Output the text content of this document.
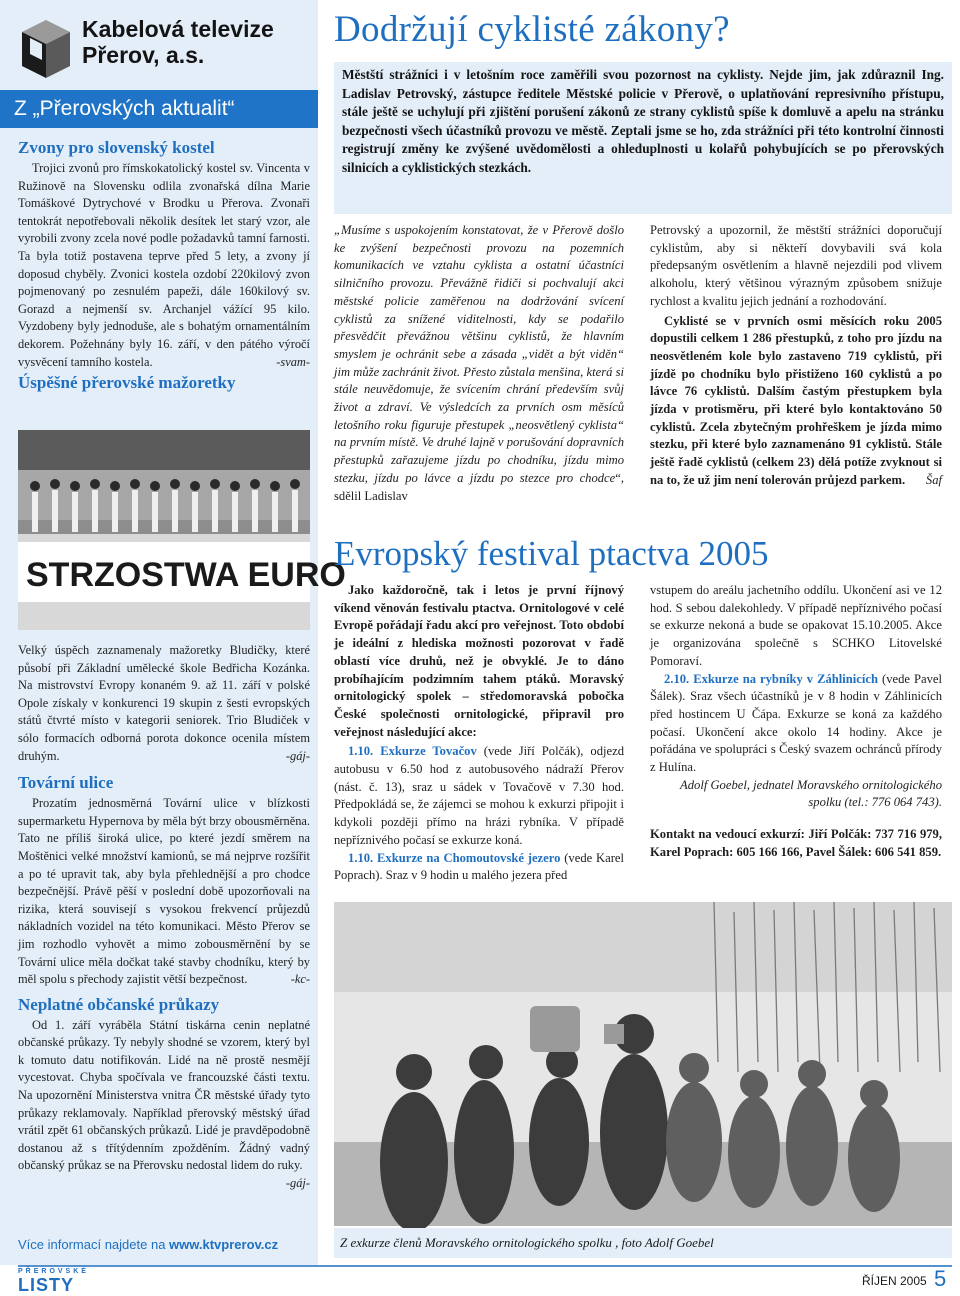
Kabelová televize
Přerov, a.s.
Z „Přerovských aktualit“
Zvony pro slovenský kostel

Trojici zvonů pro římskokatolický kostel sv. Vincenta v Ružinově na Slovensku odlila zvonařská dílna Marie Tomáškové Dytrychové v Brodku u Přerova. Zvonaři tentokrát nepotřebovali několik desítek let starý vzor, ale vyrobili zvony zcela nové podle požadavků tamní farnosti. Ta byla totiž postavena teprve před 5 lety, a zvony jí doposud chyběly. Zvonici kostela ozdobí 220kilový zvon pojmenovaný po zesnulém papeži, dále 160kilový sv. Gorazd a nejmenší sv. Archanjel vážící 95 kilo. Vyzdobeny byly jednoduše, ale s bohatým ornamentálním dekorem. Požehnány byly 16. září, v den pátého výročí vysvěcení tamního kostela.	-svam-

Úspěšné přerovské mažoretky
STRZOSTWA EURO

Velký úspěch zaznamenaly mažoretky Bludičky, které působí při Základní umělecké škole Bedřicha Kozánka. Na mistrovství Evropy konaném 9. až 11. září v polské Opole získaly v konkurenci 19 skupin z šesti evropských států čtvrté místo v kategorii seniorek. Trio Bludiček v sólo formacích odborná porota dokonce ocenila místem druhým.	-gáj-

Tovární ulice

Prozatím jednosměrná Tovární ulice v blízkosti supermarketu Hypernova by měla být brzy obousměrněna. Tato ne příliš široká ulice, po které jezdí směrem na Moštěnici velké množství kamionů, se má nejprve rozšířit a po té upravit tak, aby byla přehlednější a pro chodce bezpečnější. Právě pěší v poslední době upozorňovali na rizika, která souvisejí s vysokou frekvencí průjezdů nákladních vozidel na této komunikaci. Město Přerov se jim rozhodlo vyhovět a mimo zobousměrnění by se Tovární ulice měla dočkat také stavby chodníku, který by měl spolu s přechody zajistit větší bezpečnost.	-kc-

Neplatné občanské průkazy

Od 1. září vyráběla Státní tiskárna cenin neplatné občanské průkazy. Ty nebyly shodné se vzorem, který byl k tomuto datu notifikován. Lidé na ně prostě nesmějí vycestovat. Chyba spočívala ve francouzské části textu. Na upozornění Ministerstva vnitra ČR městské úřady tyto průkazy reklamovaly. Například přerovský městský úřad vrátil zpět 61 občanských průkazů. Lidé je pravděpodobně dostanou až s třítýdenním zpožděním. Žádný vadný občanský průkaz se na Přerovsku nedostal lidem do ruky.
-gáj-

Více informací najdete na www.ktvprerov.cz
Dodržují cyklisté zákony?

Městští strážníci i v letošním roce zaměřili svou pozornost na cyklisty. Nejde jim, jak zdůraznil Ing. Ladislav Petrovský, zástupce ředitele Městské policie v Přerově, o uplatňování represivního přístupu, stále ještě se uchylují při zjištění porušení zákonů ze strany cyklistů spíše k domluvě a apelu na stránku bezpečnosti všech účastníků provozu ve městě. Zeptali jsme se ho, zda strážníci při této kontrolní činnosti registrují změny ke zvýšené uvědomělosti a ohleduplnosti u kolařů pohybujících se po přerovských silnicích a cyklistických stezkách.

„Musíme s uspokojením konstatovat, že v Přerově došlo ke zvýšení bezpečnosti provozu na pozemních komunikacích ve vztahu cyklista a ostatní účastníci silničního provozu. Převážně řidiči si pochvalují akci městské policie zaměřenou na dodržování svícení cyklistů za snížené viditelnosti, kdy se podařilo přesvědčit převážnou většinu cyklistů, že hlavním smyslem je ochránit sebe a zásada „vidět a být viděn“ jim může zachránit život. Přesto zůstala menšina, která si stále neuvědomuje, že svícením chrání především svůj život a zdraví. Ve výsledcích za prvních osm měsíců letošního roku figuruje přestupek „neosvětlený cyklista“ na prvním místě. Ve druhé lajně v porušování dopravních přestupků zařazujeme jízdu po chodníku, jízdu mimo stezku, jízdu po lávce a jízdu po stezce pro chodce“, sdělil Ladislav

Petrovský a upozornil, že městští strážníci doporučují cyklistům, aby si někteří dovybavili svá kola předepsaným osvětlením a hlavně nejezdili pod vlivem alkoholu, který většinou výrazným způsobem snižuje rychlost a kvalitu jejich jednání a rozhodování.

Cyklisté se v prvních osmi měsících roku 2005 dopustili celkem 1 286 přestupků, z toho pro jízdu na neosvětleném kole bylo zastaveno 719 cyklistů, při jízdě po chodníku bylo přistiženo 160 cyklistů a po lávce 76 cyklistů. Dalším častým přestupkem byla jízda v protisměru, při které bylo kontaktováno 50 cyklistů. Zcela zbytečným prohřeškem je jízda mimo stezku, při které bylo zaznamenáno 91 cyklistů. Stále ještě řadě cyklistů (celkem 23) dělá potíže zvyknout si na to, že už jim není tolerován průjezd parkem. Šaf

Evropský festival ptactva 2005

Jako každoročně, tak i letos je první říjnový víkend věnován festivalu ptactva. Ornitologové v celé Evropě pořádají řadu akcí pro veřejnost. Toto období je ideální z hlediska možnosti pozorovat v řadě oblastí více druhů, než je obvyklé. Je to dáno probíhajícím podzimním tahem ptáků. Moravský ornitologický spolek – středomoravská pobočka České společnosti ornitologické, připravil pro veřejnost následující akce:

1.10. Exkurze Tovačov (vede Jiří Polčák), odjezd autobusu v 6.50 hod z autobusového nádraží Přerov (nást. č. 13), sraz u sádek v Tovačově v 7.30 hod. Předpokládá se, že zájemci se mohou k exkurzi připojit i kdykoli později přímo na hrázi rybníka. V případě nepříznivého počasí se exkurze koná.

1.10. Exkurze na Chomoutovské jezero (vede Karel Poprach). Sraz v 9 hodin u malého jezera před

vstupem do areálu jachetního oddílu. Ukončení asi ve 12 hod. S sebou dalekohledy. V případě nepříznivého počasí se exkurze nekoná a bude se opakovat 15.10.2005. Akce je organizována společně s SCHKO Litovelské Pomoraví.

2.10. Exkurze na rybníky v Záhlinicích (vede Pavel Šálek). Sraz všech účastníků je v 8 hodin v Záhlinicích před hostincem U Čápa. Exkurze se koná za každého počasí. Ukončení akce okolo 14 hodiny. Akce je pořádána ve spolupráci s Český svazem ochránců přírody z Hulína.

Adolf Goebel, jednatel Moravského ornitologického spolku (tel.: 776 064 743).

Kontakt na vedoucí exkurzí: Jiří Polčák: 737 716 979, Karel Poprach: 605 166 166, Pavel Šálek: 606 541 859.

Z exkurze členů Moravského ornitologického spolku , foto Adolf Goebel
PŘEROVSKÉ
LISTY	ŘÍJEN 2005 5
